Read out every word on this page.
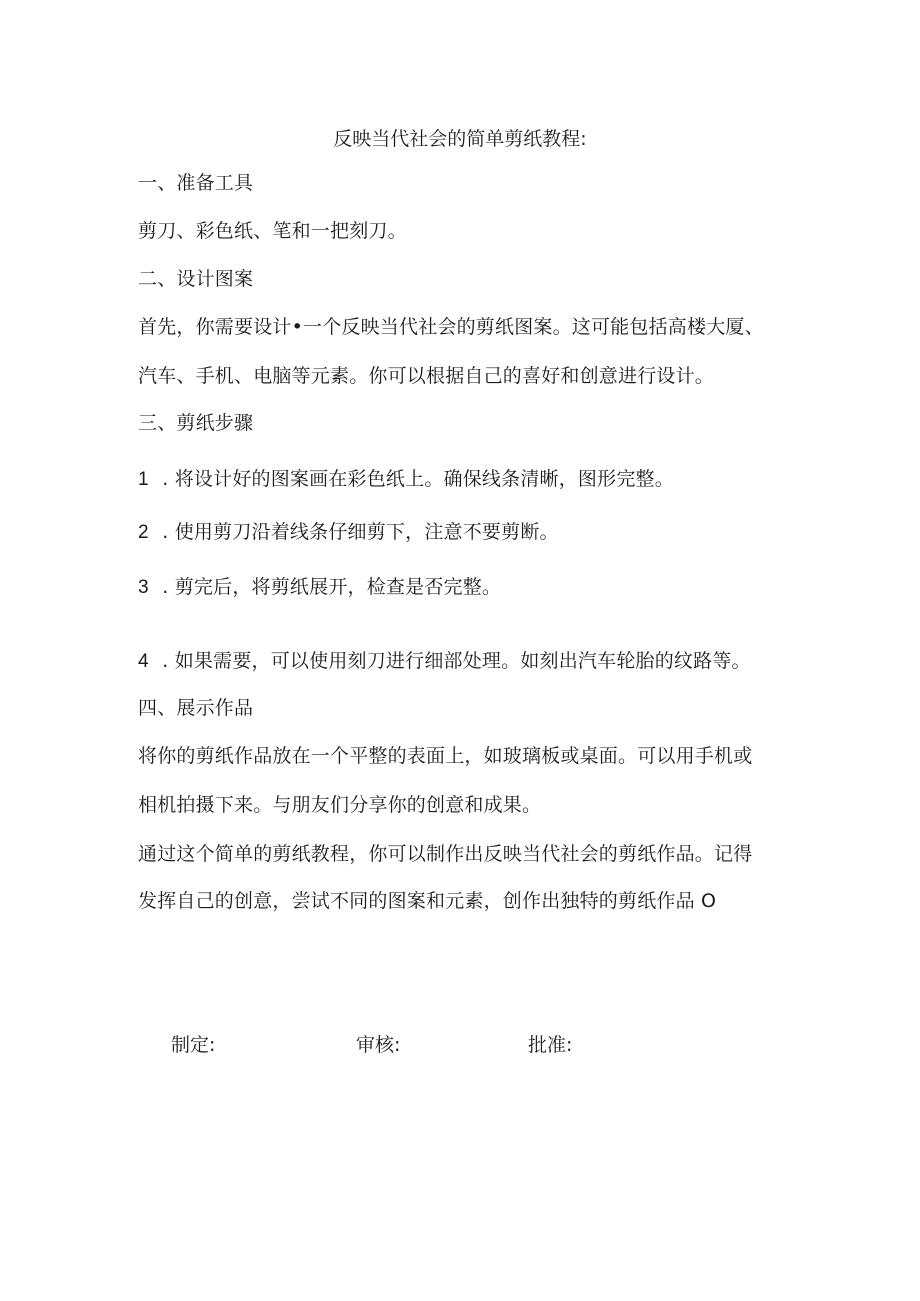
反映当代社会的简单剪纸教程:
一、准备工具
剪刀、彩色纸、笔和一把刻刀。
二、设计图案
首先，你需要设计•一个反映当代社会的剪纸图案。这可能包括高楼大厦、
汽车、手机、电脑等元素。你可以根据自己的喜好和创意进行设计。
三、剪纸步骤
1 . 将设计好的图案画在彩色纸上。确保线条清晰，图形完整。
2 . 使用剪刀沿着线条仔细剪下，注意不要剪断。
3 . 剪完后，将剪纸展开，检查是否完整。
4 . 如果需要，可以使用刻刀进行细部处理。如刻出汽车轮胎的纹路等。
四、展示作品
将你的剪纸作品放在一个平整的表面上，如玻璃板或桌面。可以用手机或
相机拍摄下来。与朋友们分享你的创意和成果。
通过这个简单的剪纸教程，你可以制作出反映当代社会的剪纸作品。记得
发挥自己的创意，尝试不同的图案和元素，创作出独特的剪纸作品 O
制定:	审核:	批准:
